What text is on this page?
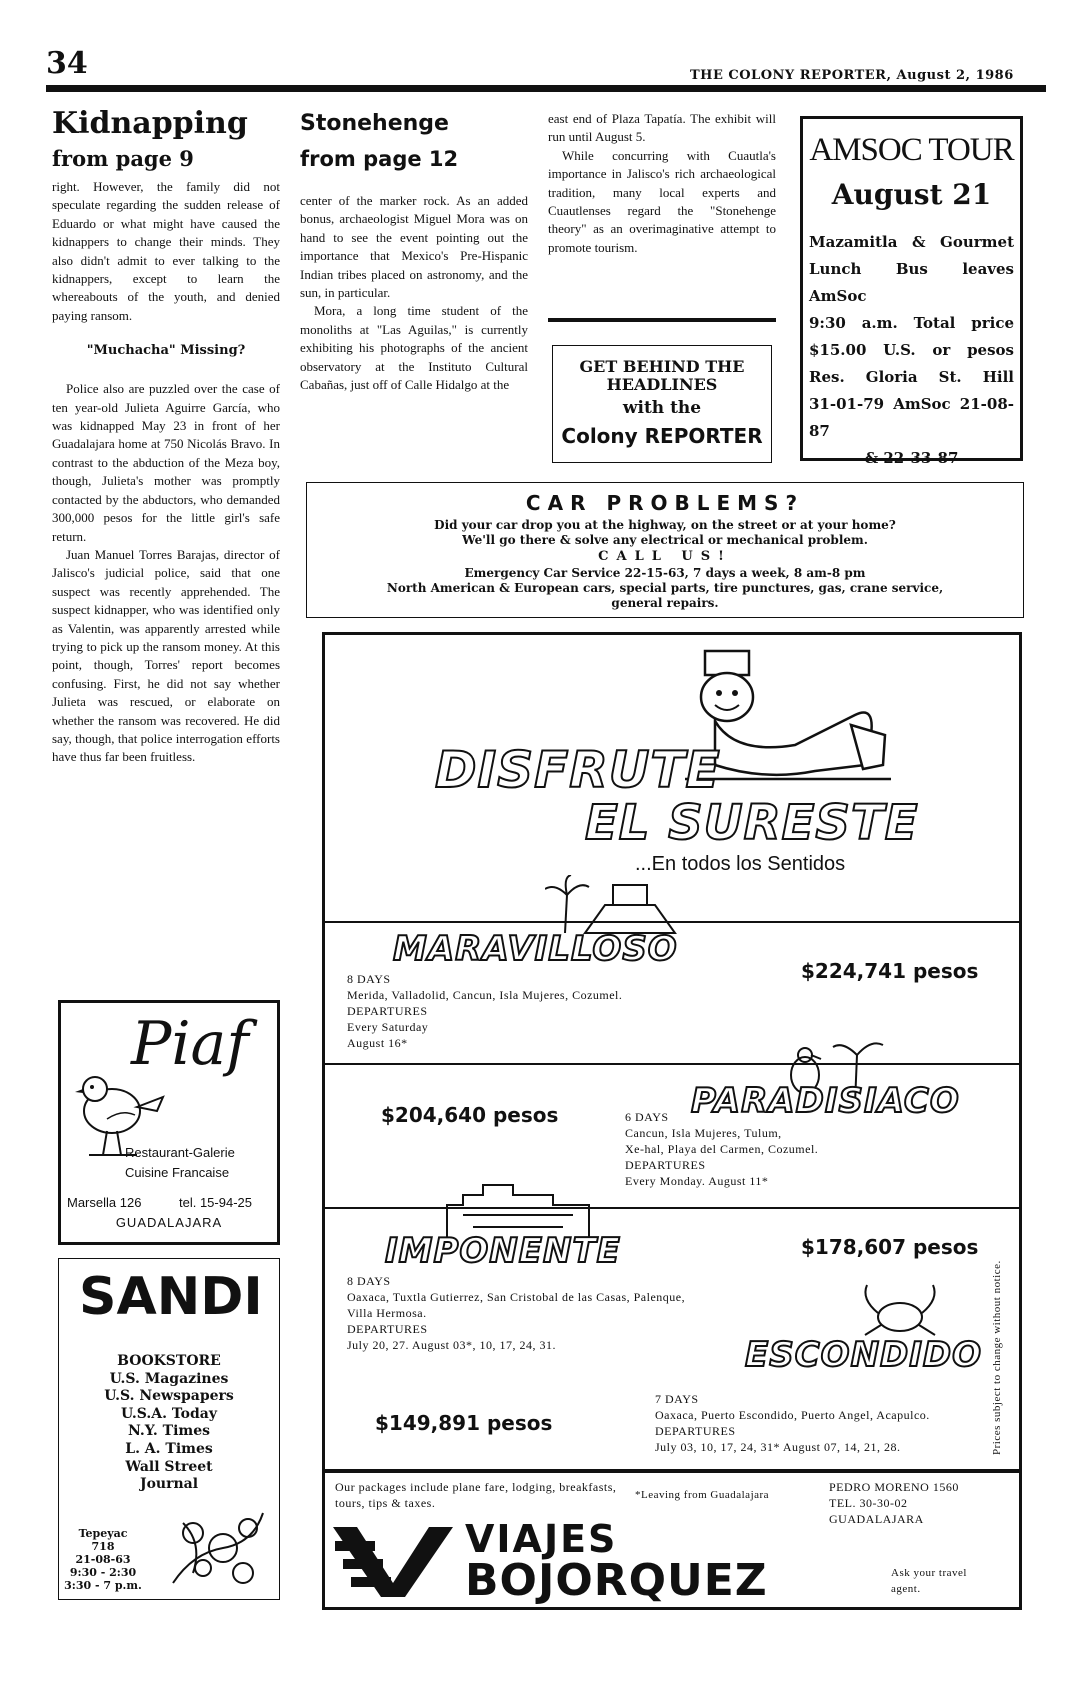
34	THE COLONY REPORTER, August 2, 1986
Kidnapping
from page 9

right. However, the family did not speculate regarding the sudden release of Eduardo or what might have caused the kidnappers to change their minds. They also didn't admit to ever talking to the kidnappers, except to learn the whereabouts of the youth, and denied paying ransom.

"Muchacha" Missing?

Police also are puzzled over the case of ten year-old Julieta Aguirre García, who was kidnapped May 23 in front of her Guadalajara home at 750 Nicolás Bravo. In contrast to the abduction of the Meza boy, though, Julieta's mother was promptly contacted by the abductors, who demanded 300,000 pesos for the little girl's safe return.

Juan Manuel Torres Barajas, director of Jalisco's judicial police, said that one suspect was recently apprehended. The suspect kidnapper, who was identified only as Valentin, was apparently arrested while trying to pick up the ransom money. At this point, though, Torres' report becomes confusing. First, he did not say whether Julieta was rescued, or elaborate on whether the ransom was recovered. He did say, though, that police interrogation efforts have thus far been fruitless.

Stonehenge
from page 12

center of the marker rock. As an added bonus, archaeologist Miguel Mora was on hand to see the event pointing out the importance that Mexico's Pre-Hispanic Indian tribes placed on astronomy, and the sun, in particular.

Mora, a long time student of the monoliths at "Las Aguilas," is currently exhibiting his photographs of the ancient observatory at the Instituto Cultural Cabañas, just off of Calle Hidalgo at the

east end of Plaza Tapatía. The exhibit will run until August 5.

While concurring with Cuautla's importance in Jalisco's rich archaeological tradition, many local experts and Cuautlenses regard the "Stonehenge theory" as an overimaginative attempt to promote tourism.

GET BEHIND THE
HEADLINES
with the
Colony REPORTER
AMSOC TOUR
August 21
Mazamitla & Gourmet
Lunch Bus leaves AmSoc
9:30 a.m. Total price
$15.00 U.S. or pesos
Res. Gloria St. Hill
31-01-79 AmSoc 21-08-87
& 22-33-87
CAR PROBLEMS?
Did your car drop you at the highway, on the street or at your home?
We'll go there & solve any electrical or mechanical problem.
CALL US!
Emergency Car Service 22-15-63, 7 days a week, 8 am-8 pm
North American & European cars, special parts, tire punctures, gas, crane service,
general repairs.
Piaf
Restaurant-Galerie
Cuisine Francaise
Marsella 126	tel. 15-94-25
GUADALAJARA
SANDI
BOOKSTORE
U.S. Magazines
U.S. Newspapers
U.S.A. Today
N.Y. Times
L. A. Times
Wall Street
Journal
Tepeyac
718
21-08-63
9:30 - 2:30
3:30 - 7 p.m.
DISFRUTE
EL SURESTE
...En todos los Sentidos
MARAVILLOSO
8 DAYS
Merida, Valladolid, Cancun, Isla Mujeres, Cozumel.
DEPARTURES
Every Saturday
August 16*
$224,741 pesos
PARADISIACO
$204,640 pesos	6 DAYS
Cancun, Isla Mujeres, Tulum,
Xe-hal, Playa del Carmen, Cozumel.
DEPARTURES
Every Monday. August 11*
IMPONENTE	$178,607 pesos
8 DAYS
Oaxaca, Tuxtla Gutierrez, San Cristobal de las Casas, Palenque,
Villa Hermosa.
DEPARTURES
July 20, 27. August 03*, 10, 17, 24, 31.	ESCONDIDO
$149,891 pesos
7 DAYS
Oaxaca, Puerto Escondido, Puerto Angel, Acapulco.
DEPARTURES
July 03, 10, 17, 24, 31* August 07, 14, 21, 28.	Prices subject to change without notice.
Our packages include plane fare, lodging, breakfasts, tours, tips & taxes.
*Leaving from Guadalajara
PEDRO MORENO 1560
TEL. 30-30-02
GUADALAJARA
VIAJES
BOJORQUEZ	Ask your travel agent.
